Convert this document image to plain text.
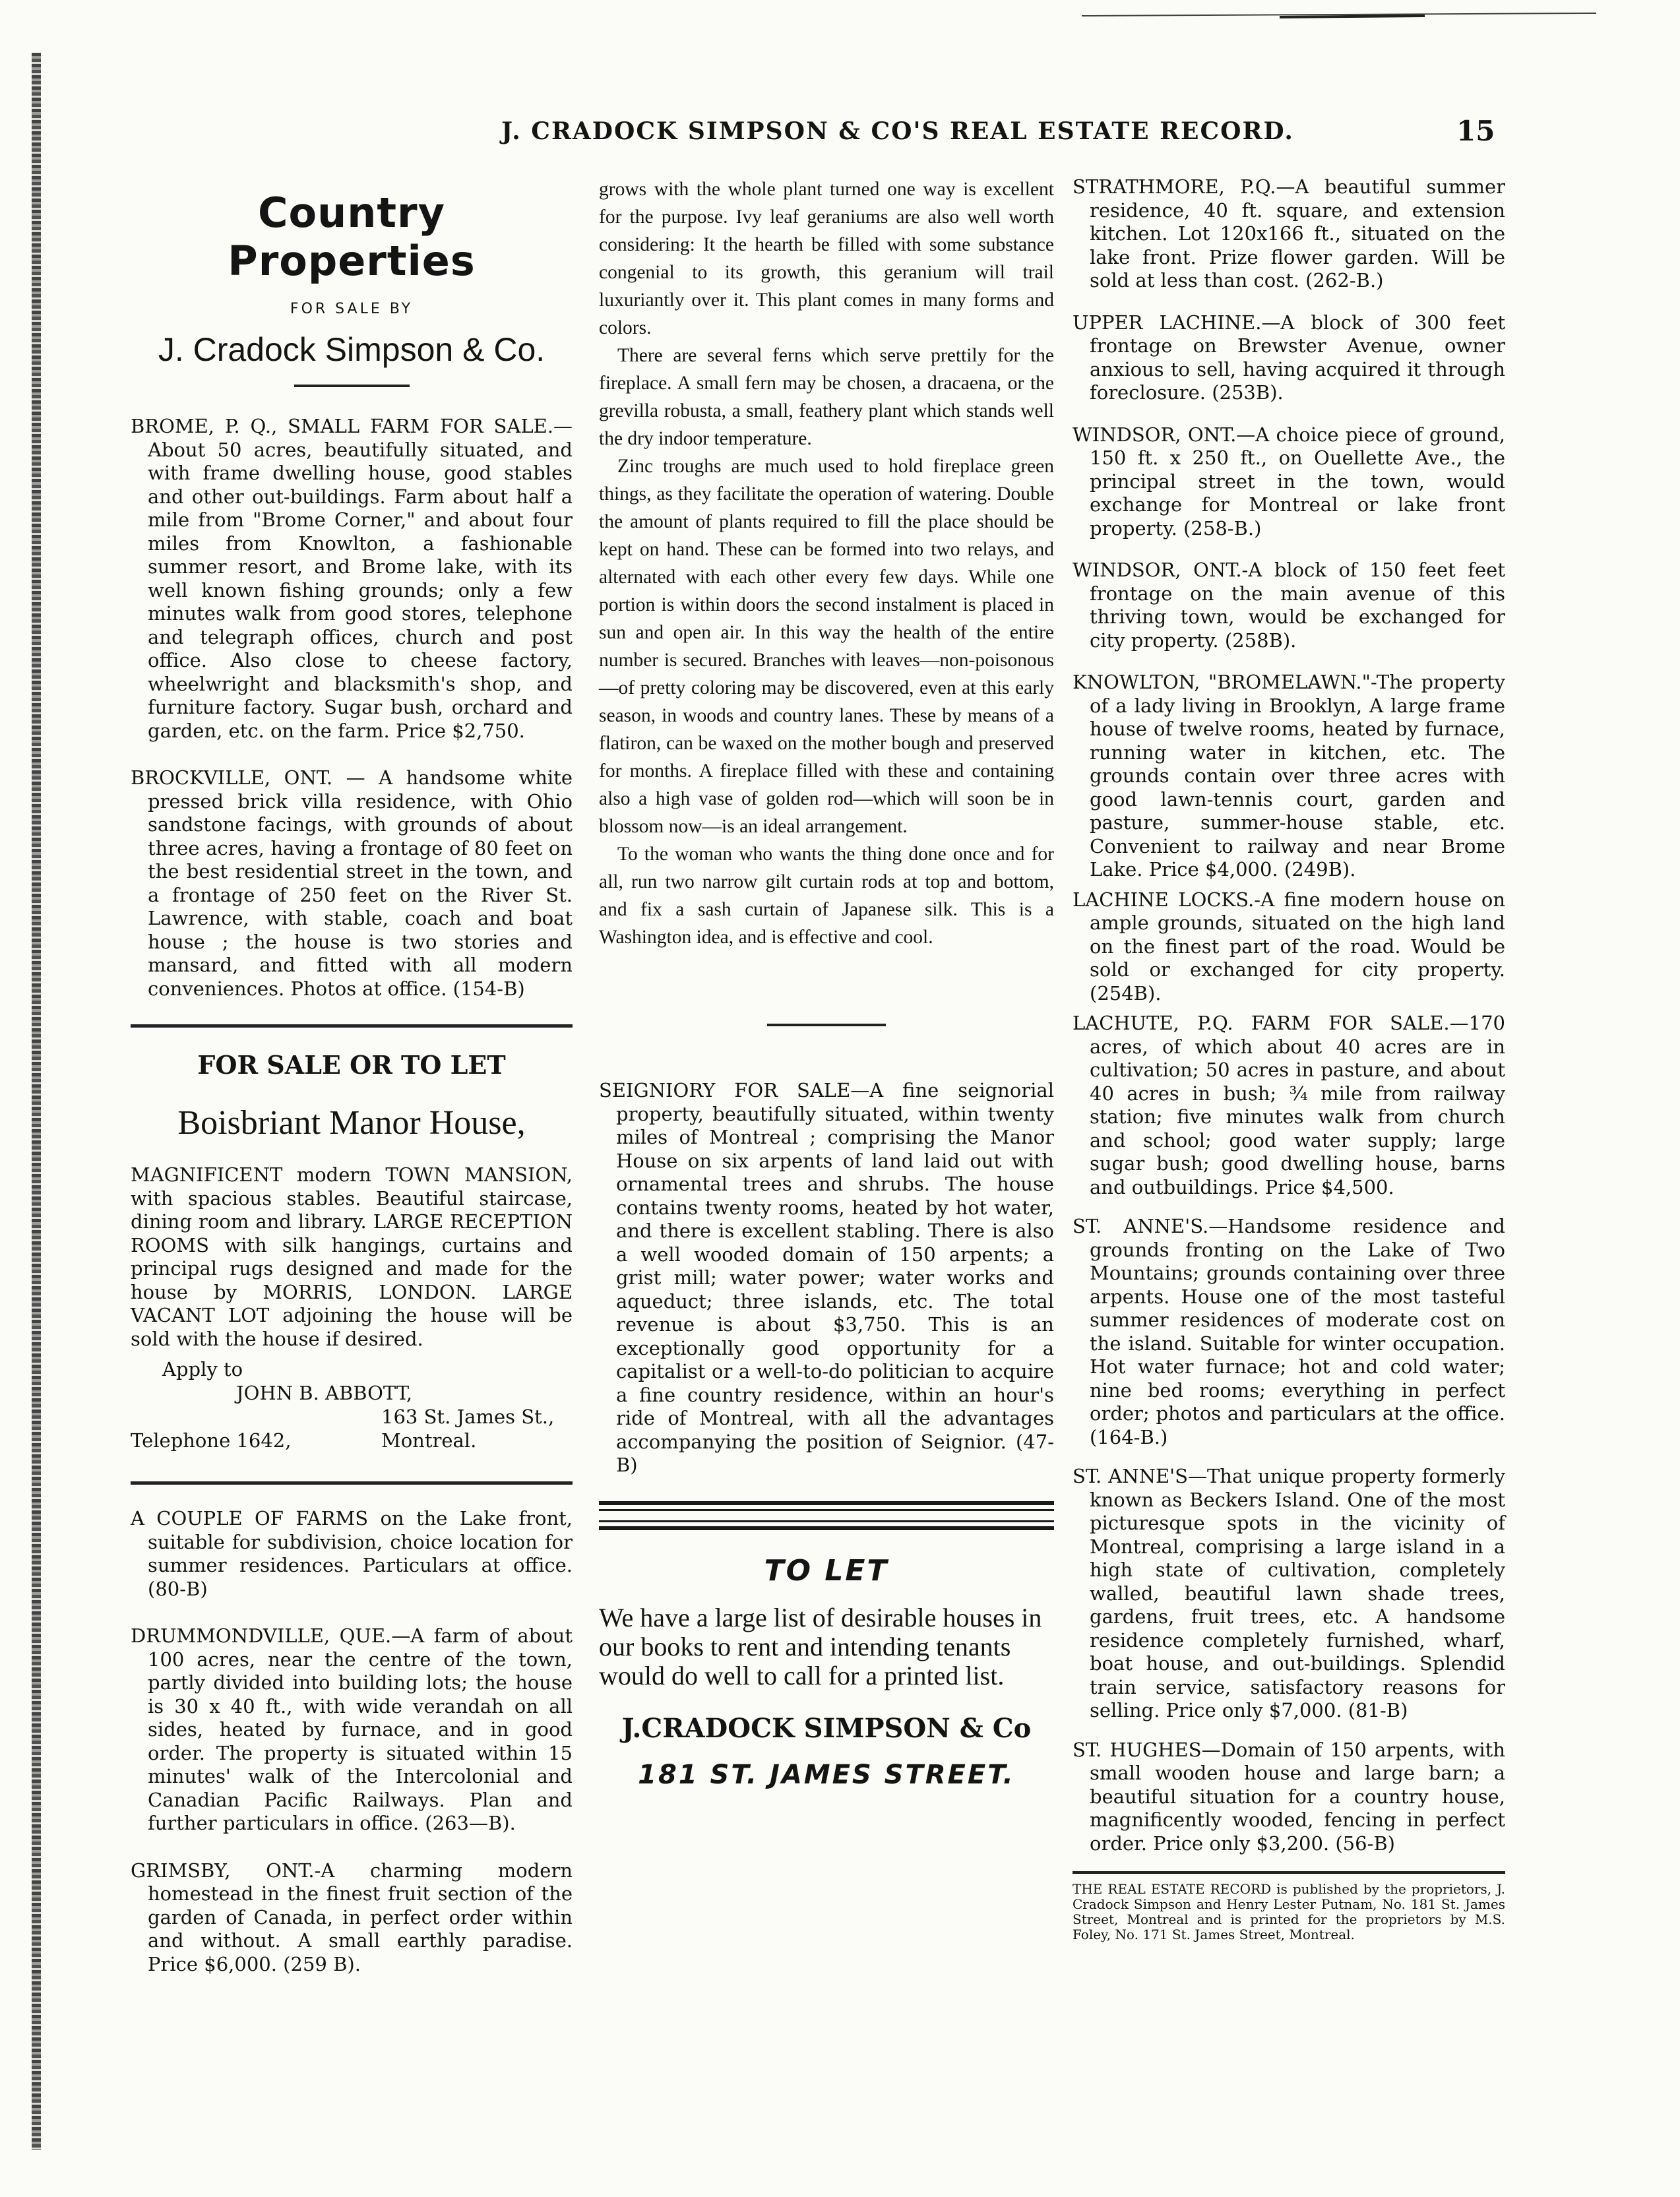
J. CRADOCK SIMPSON & CO'S REAL ESTATE RECORD.	15
Country Properties
FOR SALE BY
J. Cradock Simpson & Co.

BROME, P. Q., SMALL FARM FOR SALE.—About 50 acres, beautifully situated, and with frame dwelling house, good stables and other out-buildings. Farm about half a mile from "Brome Corner," and about four miles from Knowlton, a fashionable summer resort, and Brome lake, with its well known fishing grounds; only a few minutes walk from good stores, telephone and telegraph offices, church and post office. Also close to cheese factory, wheelwright and blacksmith's shop, and furniture factory. Sugar bush, orchard and garden, etc. on the farm. Price $2,750.

BROCKVILLE, ONT. — A handsome white pressed brick villa residence, with Ohio sandstone facings, with grounds of about three acres, having a frontage of 80 feet on the best residential street in the town, and a frontage of 250 feet on the River St. Lawrence, with stable, coach and boat house ; the house is two stories and mansard, and fitted with all modern conveniences. Photos at office. (154-B)

FOR SALE OR TO LET
Boisbriant Manor House,

MAGNIFICENT modern TOWN MANSION, with spacious stables. Beautiful staircase, dining room and library. LARGE RECEPTION ROOMS with silk hangings, curtains and principal rugs designed and made for the house by MORRIS, LONDON. LARGE VACANT LOT adjoining the house will be sold with the house if desired.

Apply to
JOHN B. ABBOTT,
163 St. James St.,
Telephone 1642,	Montreal.

A COUPLE OF FARMS on the Lake front, suitable for subdivision, choice location for summer residences. Particulars at office. (80-B)

DRUMMONDVILLE, QUE.—A farm of about 100 acres, near the centre of the town, partly divided into building lots; the house is 30 x 40 ft., with wide verandah on all sides, heated by furnace, and in good order. The property is situated within 15 minutes' walk of the Intercolonial and Canadian Pacific Railways. Plan and further particulars in office. (263—B).

GRIMSBY, ONT.-A charming modern homestead in the finest fruit section of the garden of Canada, in perfect order within and without. A small earthly paradise. Price $6,000. (259 B).

grows with the whole plant turned one way is excellent for the purpose. Ivy leaf geraniums are also well worth considering: It the hearth be filled with some substance congenial to its growth, this geranium will trail luxuriantly over it. This plant comes in many forms and colors.

There are several ferns which serve prettily for the fireplace. A small fern may be chosen, a dracaena, or the grevilla robusta, a small, feathery plant which stands well the dry indoor temperature.

Zinc troughs are much used to hold fireplace green things, as they facilitate the operation of watering. Double the amount of plants required to fill the place should be kept on hand. These can be formed into two relays, and alternated with each other every few days. While one portion is within doors the second instalment is placed in sun and open air. In this way the health of the entire number is secured. Branches with leaves—non-poisonous—of pretty coloring may be discovered, even at this early season, in woods and country lanes. These by means of a flatiron, can be waxed on the mother bough and preserved for months. A fireplace filled with these and containing also a high vase of golden rod—which will soon be in blossom now—is an ideal arrangement.

To the woman who wants the thing done once and for all, run two narrow gilt curtain rods at top and bottom, and fix a sash curtain of Japanese silk. This is a Washington idea, and is effective and cool.

SEIGNIORY FOR SALE—A fine seignorial property, beautifully situated, within twenty miles of Montreal ; comprising the Manor House on six arpents of land laid out with ornamental trees and shrubs. The house contains twenty rooms, heated by hot water, and there is excellent stabling. There is also a well wooded domain of 150 arpents; a grist mill; water power; water works and aqueduct; three islands, etc. The total revenue is about $3,750. This is an exceptionally good opportunity for a capitalist or a well-to-do politician to acquire a fine country residence, within an hour's ride of Montreal, with all the advantages accompanying the position of Seignior. (47-B)

TO LET

We have a large list of desirable houses in our books to rent and intending tenants would do well to call for a printed list.

J.CRADOCK SIMPSON & Co
181 ST. JAMES STREET.

STRATHMORE, P.Q.—A beautiful summer residence, 40 ft. square, and extension kitchen. Lot 120x166 ft., situated on the lake front. Prize flower garden. Will be sold at less than cost. (262-B.)

UPPER LACHINE.—A block of 300 feet frontage on Brewster Avenue, owner anxious to sell, having acquired it through foreclosure. (253B).

WINDSOR, ONT.—A choice piece of ground, 150 ft. x 250 ft., on Ouellette Ave., the principal street in the town, would exchange for Montreal or lake front property. (258-B.)

WINDSOR, ONT.-A block of 150 feet feet frontage on the main avenue of this thriving town, would be exchanged for city property. (258B).

KNOWLTON, "BROMELAWN."-The property of a lady living in Brooklyn, A large frame house of twelve rooms, heated by furnace, running water in kitchen, etc. The grounds contain over three acres with good lawn-tennis court, garden and pasture, summer-house stable, etc. Convenient to railway and near Brome Lake. Price $4,000. (249B).

LACHINE LOCKS.-A fine modern house on ample grounds, situated on the high land on the finest part of the road. Would be sold or exchanged for city property. (254B).

LACHUTE, P.Q. FARM FOR SALE.—170 acres, of which about 40 acres are in cultivation; 50 acres in pasture, and about 40 acres in bush; ¾ mile from railway station; five minutes walk from church and school; good water supply; large sugar bush; good dwelling house, barns and outbuildings. Price $4,500.

ST. ANNE'S.—Handsome residence and grounds fronting on the Lake of Two Mountains; grounds containing over three arpents. House one of the most tasteful summer residences of moderate cost on the island. Suitable for winter occupation. Hot water furnace; hot and cold water; nine bed rooms; everything in perfect order; photos and particulars at the office. (164-B.)

ST. ANNE'S—That unique property formerly known as Beckers Island. One of the most picturesque spots in the vicinity of Montreal, comprising a large island in a high state of cultivation, completely walled, beautiful lawn shade trees, gardens, fruit trees, etc. A handsome residence completely furnished, wharf, boat house, and out-buildings. Splendid train service, satisfactory reasons for selling. Price only $7,000. (81-B)

ST. HUGHES—Domain of 150 arpents, with small wooden house and large barn; a beautiful situation for a country house, magnificently wooded, fencing in perfect order. Price only $3,200. (56-B)

THE REAL ESTATE RECORD is published by the proprietors, J. Cradock Simpson and Henry Lester Putnam, No. 181 St. James Street, Montreal and is printed for the proprietors by M.S. Foley, No. 171 St. James Street, Montreal.
